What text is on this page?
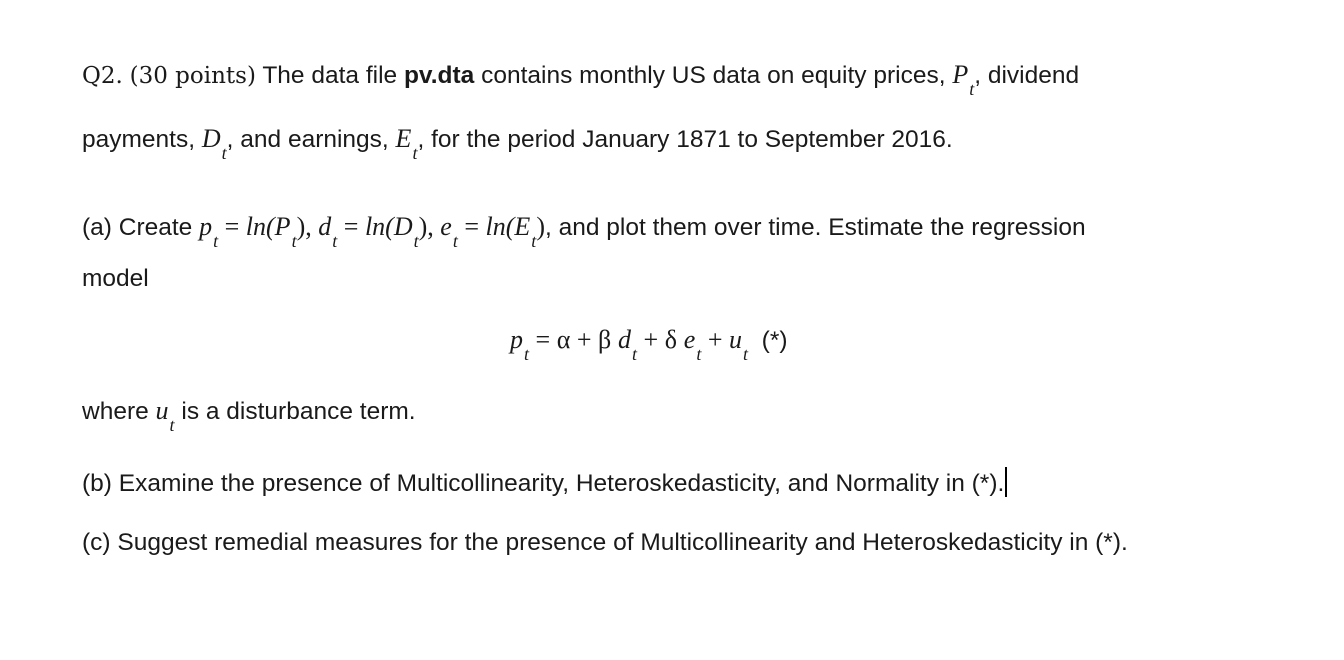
Q2. (30 points) The data file pv.dta contains monthly US data on equity prices, $P_t$, dividend
payments, $D_t$, and earnings, $E_t$, for the period January 1871 to September 2016.
(a) Create $p_t = \ln(P_t)$, $d_t = \ln(D_t)$, $e_t = \ln(E_t)$, and plot them over time. Estimate the regression
model
$p_t = \alpha + \beta$ $d_t + \delta$ $e_t + u_t$ (*)
where $u_t$ is a disturbance term.
(b) Examine the presence of Multicollinearity, Heteroskedasticity, and Normality in (*).
(c) Suggest remedial measures for the presence of Multicollinearity and Heteroskedasticity in (*).
